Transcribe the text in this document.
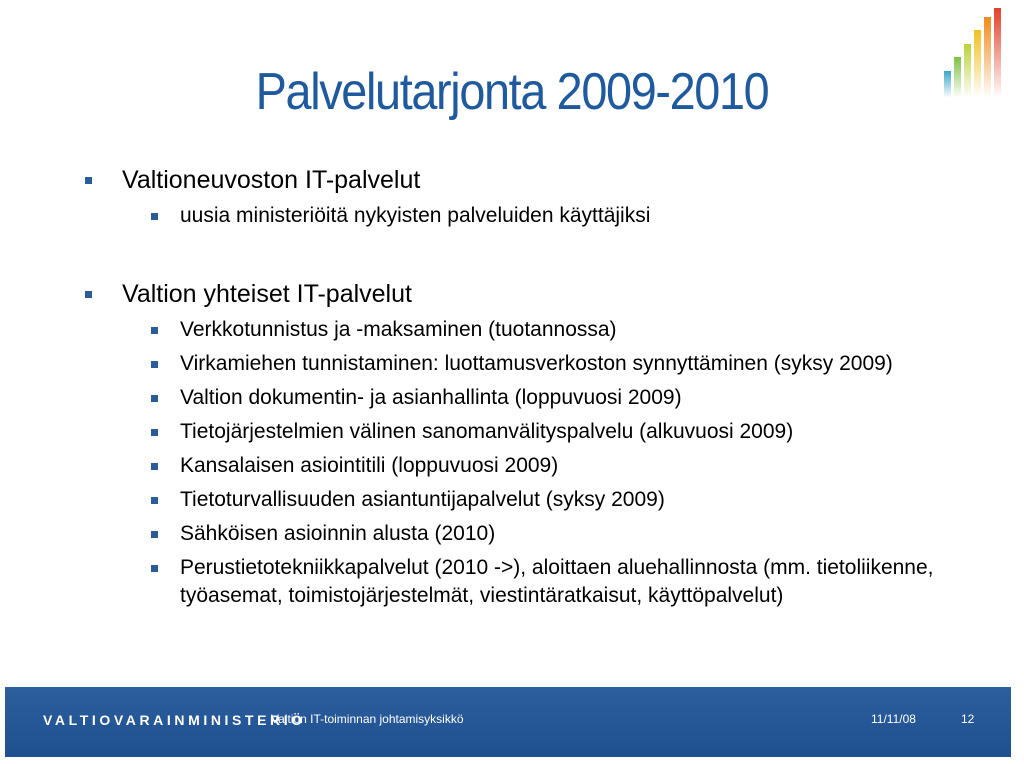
Palvelutarjonta 2009-2010
Valtioneuvoston IT-palvelut
uusia ministeriöitä nykyisten palveluiden käyttäjiksi
Valtion yhteiset IT-palvelut
Verkkotunnistus ja -maksaminen (tuotannossa)
Virkamiehen tunnistaminen: luottamusverkoston synnyttäminen (syksy 2009)
Valtion dokumentin- ja asianhallinta (loppuvuosi 2009)
Tietojärjestelmien välinen sanomanvälityspalvelu (alkuvuosi 2009)
Kansalaisen asiointitili (loppuvuosi 2009)
Tietoturvallisuuden asiantuntijapalvelut (syksy 2009)
Sähköisen asioinnin alusta (2010)
Perustietotekniikkapalvelut (2010 ->), aloittaen aluehallinnosta (mm. tietoliikenne, työasemat, toimistojärjestelmät, viestintäratkaisut, käyttöpalvelut)
VALTIOVARAINMINISTERIÖ
Valtion IT-toiminnan johtamisyksikkö	11/11/08	12
